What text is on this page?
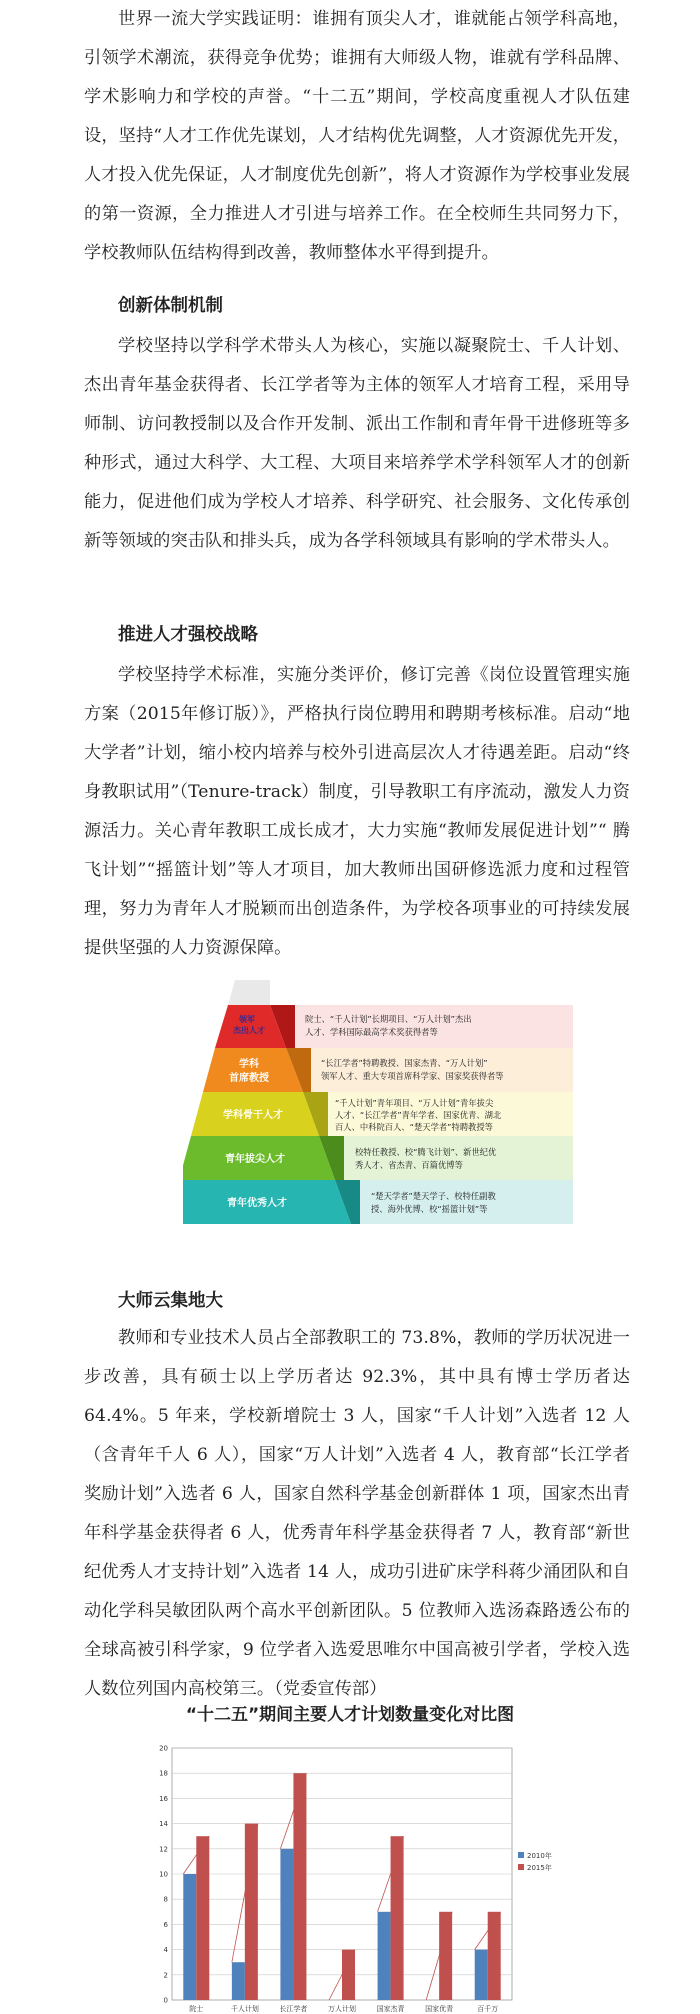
世界一流大学实践证明：谁拥有顶尖人才，谁就能占领学科高地，引领学术潮流，获得竞争优势；谁拥有大师级人物，谁就有学科品牌、学术影响力和学校的声誉。“十二五”期间，学校高度重视人才队伍建设，坚持“人才工作优先谋划，人才结构优先调整，人才资源优先开发，人才投入优先保证，人才制度优先创新”，将人才资源作为学校事业发展的第一资源，全力推进人才引进与培养工作。在全校师生共同努力下，学校教师队伍结构得到改善，教师整体水平得到提升。
创新体制机制
学校坚持以学科学术带头人为核心，实施以凝聚院士、千人计划、杰出青年基金获得者、长江学者等为主体的领军人才培育工程，采用导师制、访问教授制以及合作开发制、派出工作制和青年骨干进修班等多种形式，通过大科学、大工程、大项目来培养学术学科领军人才的创新能力，促进他们成为学校人才培养、科学研究、社会服务、文化传承创新等领域的突击队和排头兵，成为各学科领域具有影响的学术带头人。
推进人才强校战略
学校坚持学术标准，实施分类评价，修订完善《岗位设置管理实施方案（2015年修订版）》，严格执行岗位聘用和聘期考核标准。启动“地大学者”计划，缩小校内培养与校外引进高层次人才待遇差距。启动“终身教职试用”（Tenure-track）制度，引导教职工有序流动，激发人力资源活力。关心青年教职工成长成才，大力实施“教师发展促进计划”“ 腾飞计划”“摇篮计划”等人才项目，加大教师出国研修选派力度和过程管理，努力为青年人才脱颖而出创造条件，为学校各项事业的可持续发展提供坚强的人力资源保障。
领军
杰出人才
学科
首席教授
学科骨干人才
青年拔尖人才
青年优秀人才
院士、“千人计划”长期项目、“万人计划”杰出
人才、学科国际最高学术奖获得者等
“长江学者”特聘教授、国家杰青、“万人计划”
领军人才、重大专项首席科学家、国家奖获得者等
“千人计划”青年项目、“万人计划”青年拔尖
人才、“长江学者”青年学者、国家优青、湖北
百人、中科院百人、“楚天学者”特聘教授等
校特任教授、校“腾飞计划”、新世纪优
秀人才、省杰青、百篇优博等
“楚天学者”楚天学子、校特任副教
授、海外优博、校“摇篮计划”等
大师云集地大
教师和专业技术人员占全部教职工的 73.8%，教师的学历状况进一步改善，具有硕士以上学历者达 92.3%，其中具有博士学历者达64.4%。5 年来，学校新增院士 3 人，国家“千人计划”入选者 12 人（含青年千人 6 人），国家“万人计划”入选者 4 人，教育部“长江学者奖励计划”入选者 6 人，国家自然科学基金创新群体 1 项，国家杰出青年科学基金获得者 6 人，优秀青年科学基金获得者 7 人，教育部“新世纪优秀人才支持计划”入选者 14 人，成功引进矿床学科蒋少涌团队和自动化学科吴敏团队两个高水平创新团队。5 位教师入选汤森路透公布的全球高被引科学家，9 位学者入选爱思唯尔中国高被引学者，学校入选人数位列国内高校第三。（党委宣传部）
“十二五”期间主要人才计划数量变化对比图
0
2
4
6
8
10
12
14
16
18
20
院士	千人计划	长江学者	万人计划	国家杰青	国家优青	百千万
2010年
2015年
